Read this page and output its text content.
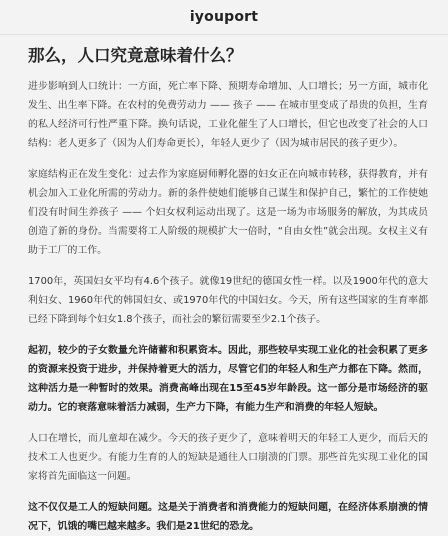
iyouport
那么，人口究竟意味着什么？

进步影响到人口统计：一方面，死亡率下降、预期寿命增加、人口增长；另一方面，城市化发生、出生率下降。在农村的免费劳动力 —— 孩子 —— 在城市里变成了昂贵的负担，生育的私人经济可行性严重下降。换句话说，工业化催生了人口增长，但它也改变了社会的人口结构：老人更多了（因为人们寿命更长），年轻人更少了（因为城市居民的孩子更少）。

家庭结构正在发生变化：过去作为家庭厨师孵化器的妇女正在向城市转移，获得教育，并有机会加入工业化所需的劳动力。新的条件使她们能够自己谋生和保护自己，繁忙的工作使她们没有时间生养孩子 —— 个妇女权利运动出现了。这是一场为市场服务的解放，为其成员创造了新的身份。当需要将工人阶级的规模扩大一倍时，“自由女性”就会出现。女权主义有助于工厂的工作。

1700年，英国妇女平均有4.6个孩子。就像19世纪的德国女性一样。以及1900年代的意大利妇女、1960年代的韩国妇女、或1970年代的中国妇女。今天，所有这些国家的生育率都已经下降到每个妇女1.8个孩子，而社会的繁衍需要至少2.1个孩子。

起初，较少的子女数量允许储蓄和积累资本。因此，那些较早实现工业化的社会积累了更多的资源来投资于进步，并保持着更大的活力，尽管它们的年轻人和生产力都在下降。然而，这种活力是一种暂时的效果。消费高峰出现在15至45岁年龄段。这一部分是市场经济的驱动力。它的衰落意味着活力减弱，生产力下降，有能力生产和消费的年轻人短缺。

人口在增长，而儿童却在减少。今天的孩子更少了，意味着明天的年轻工人更少，而后天的技术工人也更少。有能力生育的人的短缺是通往人口崩溃的门票。那些首先实现工业化的国家将首先面临这一问题。

这不仅仅是工人的短缺问题。这是关于消费者和消费能力的短缺问题，在经济体系崩溃的情况下，饥饿的嘴巴越来越多。我们是21世纪的恐龙。
